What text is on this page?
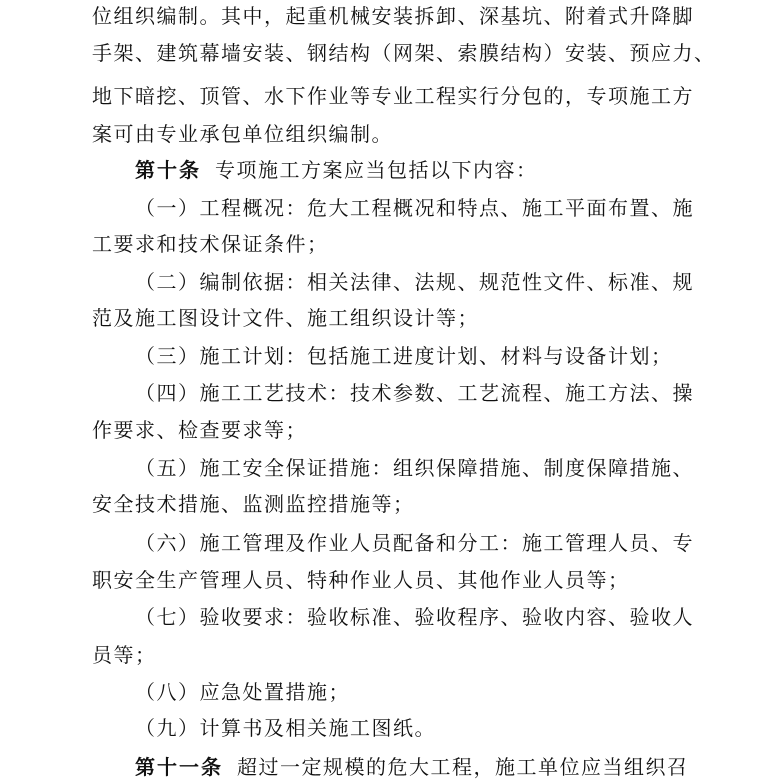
位组织编制。其中，起重机械安装拆卸、深基坑、附着式升降脚
手架、建筑幕墙安装、钢结构（网架、索膜结构）安装、预应力、
地下暗挖、顶管、水下作业等专业工程实行分包的，专项施工方
案可由专业承包单位组织编制。
第十条 专项施工方案应当包括以下内容：
（一）工程概况：危大工程概况和特点、施工平面布置、施
工要求和技术保证条件；
（二）编制依据：相关法律、法规、规范性文件、标准、规
范及施工图设计文件、施工组织设计等；
（三）施工计划：包括施工进度计划、材料与设备计划；
（四）施工工艺技术：技术参数、工艺流程、施工方法、操
作要求、检查要求等；
（五）施工安全保证措施：组织保障措施、制度保障措施、
安全技术措施、监测监控措施等；
（六）施工管理及作业人员配备和分工：施工管理人员、专
职安全生产管理人员、特种作业人员、其他作业人员等；
（七）验收要求：验收标准、验收程序、验收内容、验收人
员等；
（八）应急处置措施；
（九）计算书及相关施工图纸。
第十一条 超过一定规模的危大工程，施工单位应当组织召
